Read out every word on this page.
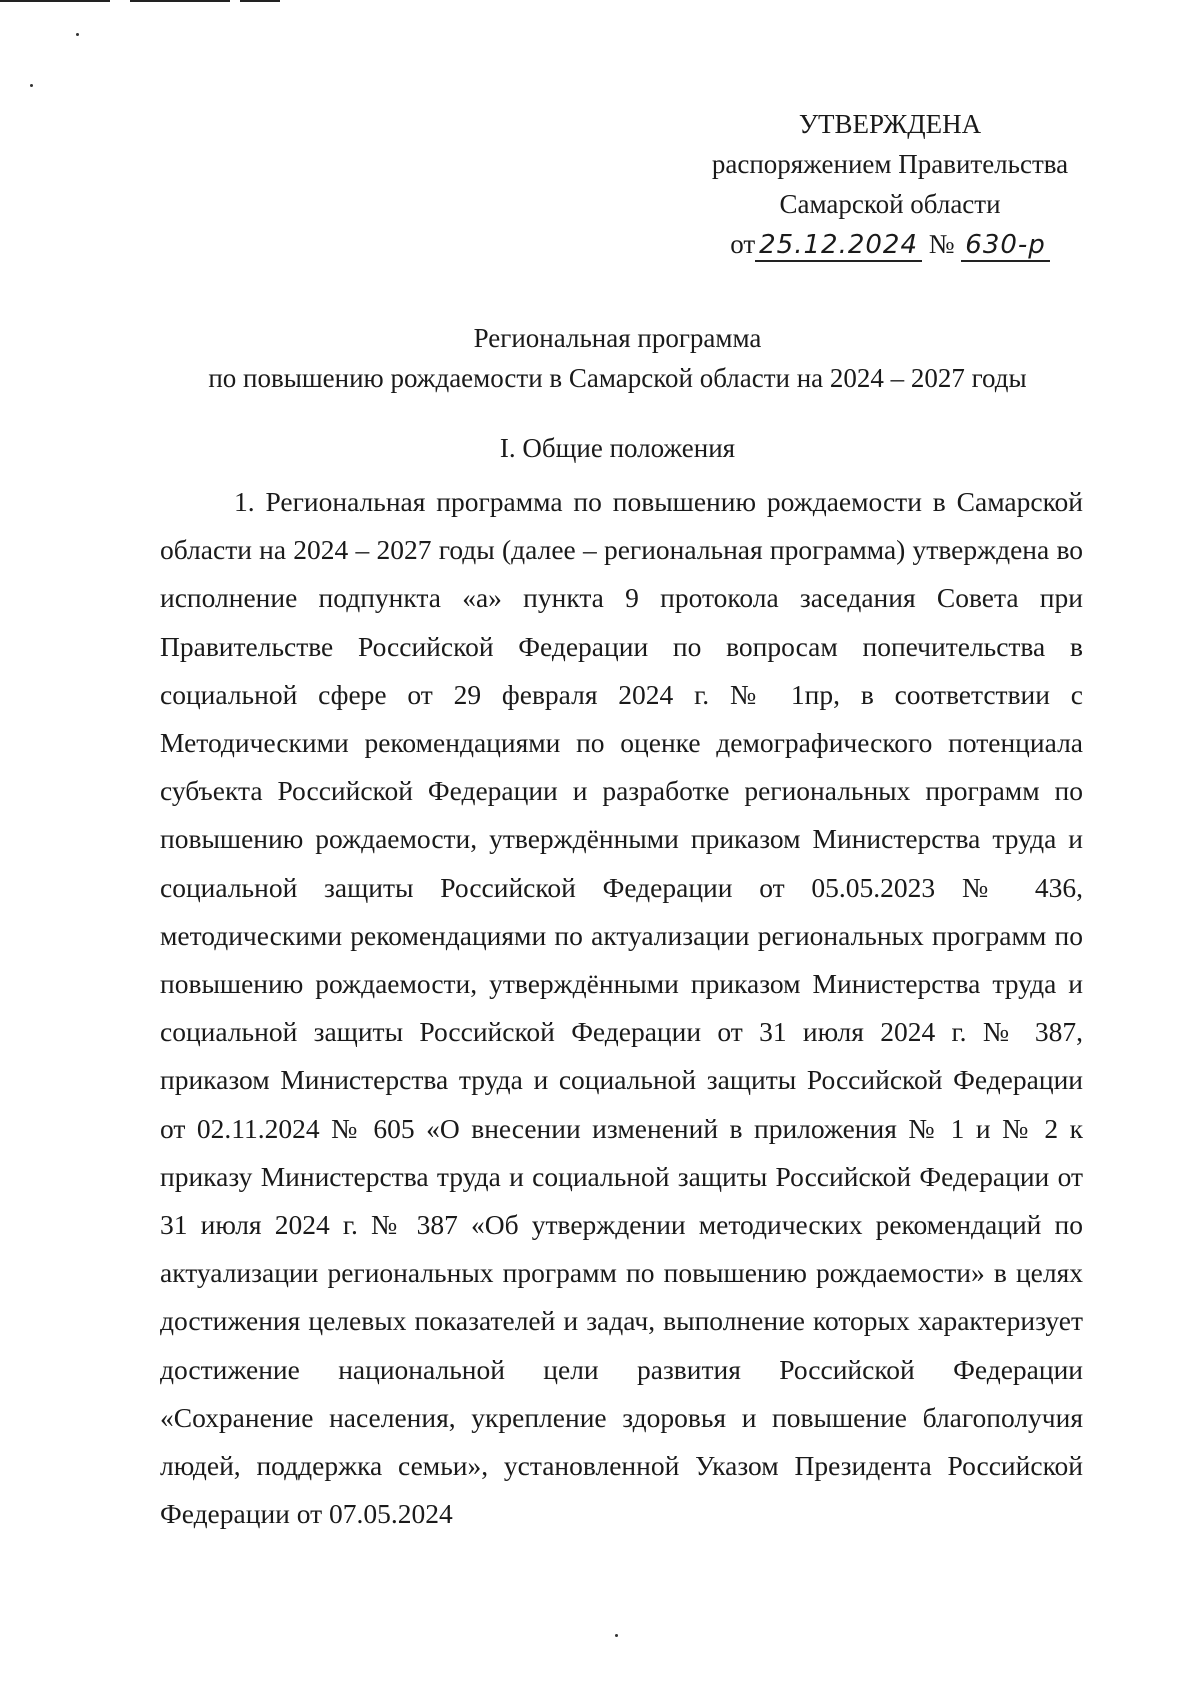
УТВЕРЖДЕНА
распоряжением Правительства
Самарской области
от 25.12.2024 № 630-р
Региональная программа
по повышению рождаемости в Самарской области на 2024 – 2027 годы
I. Общие положения

1. Региональная программа по повышению рождаемости в Самарской области на 2024 – 2027 годы (далее – региональная программа) утверждена во исполнение подпункта «а» пункта 9 протокола заседания Совета при Правительстве Российской Федерации по вопросам попечительства в социальной сфере от 29 февраля 2024 г. № 1пр, в соответствии с Методическими рекомендациями по оценке демографического потенциала субъекта Российской Федерации и разработке региональных программ по повышению рождаемости, утверждёнными приказом Министерства труда и социальной защиты Российской Федерации от 05.05.2023 № 436, методическими рекомендациями по актуализации региональных программ по повышению рождаемости, утверждёнными приказом Министерства труда и социальной защиты Российской Федерации от 31 июля 2024 г. № 387, приказом Министерства труда и социальной защиты Российской Федерации от 02.11.2024 № 605 «О внесении изменений в приложения № 1 и № 2 к приказу Министерства труда и социальной защиты Российской Федерации от 31 июля 2024 г. № 387 «Об утверждении методических рекомендаций по актуализации региональных программ по повышению рождаемости» в целях достижения целевых показателей и задач, выполнение которых характеризует достижение национальной цели развития Российской Федерации «Сохранение населения, укрепление здоровья и повышение благополучия людей, поддержка семьи», установленной Указом Президента Российской Федерации от 07.05.2024
